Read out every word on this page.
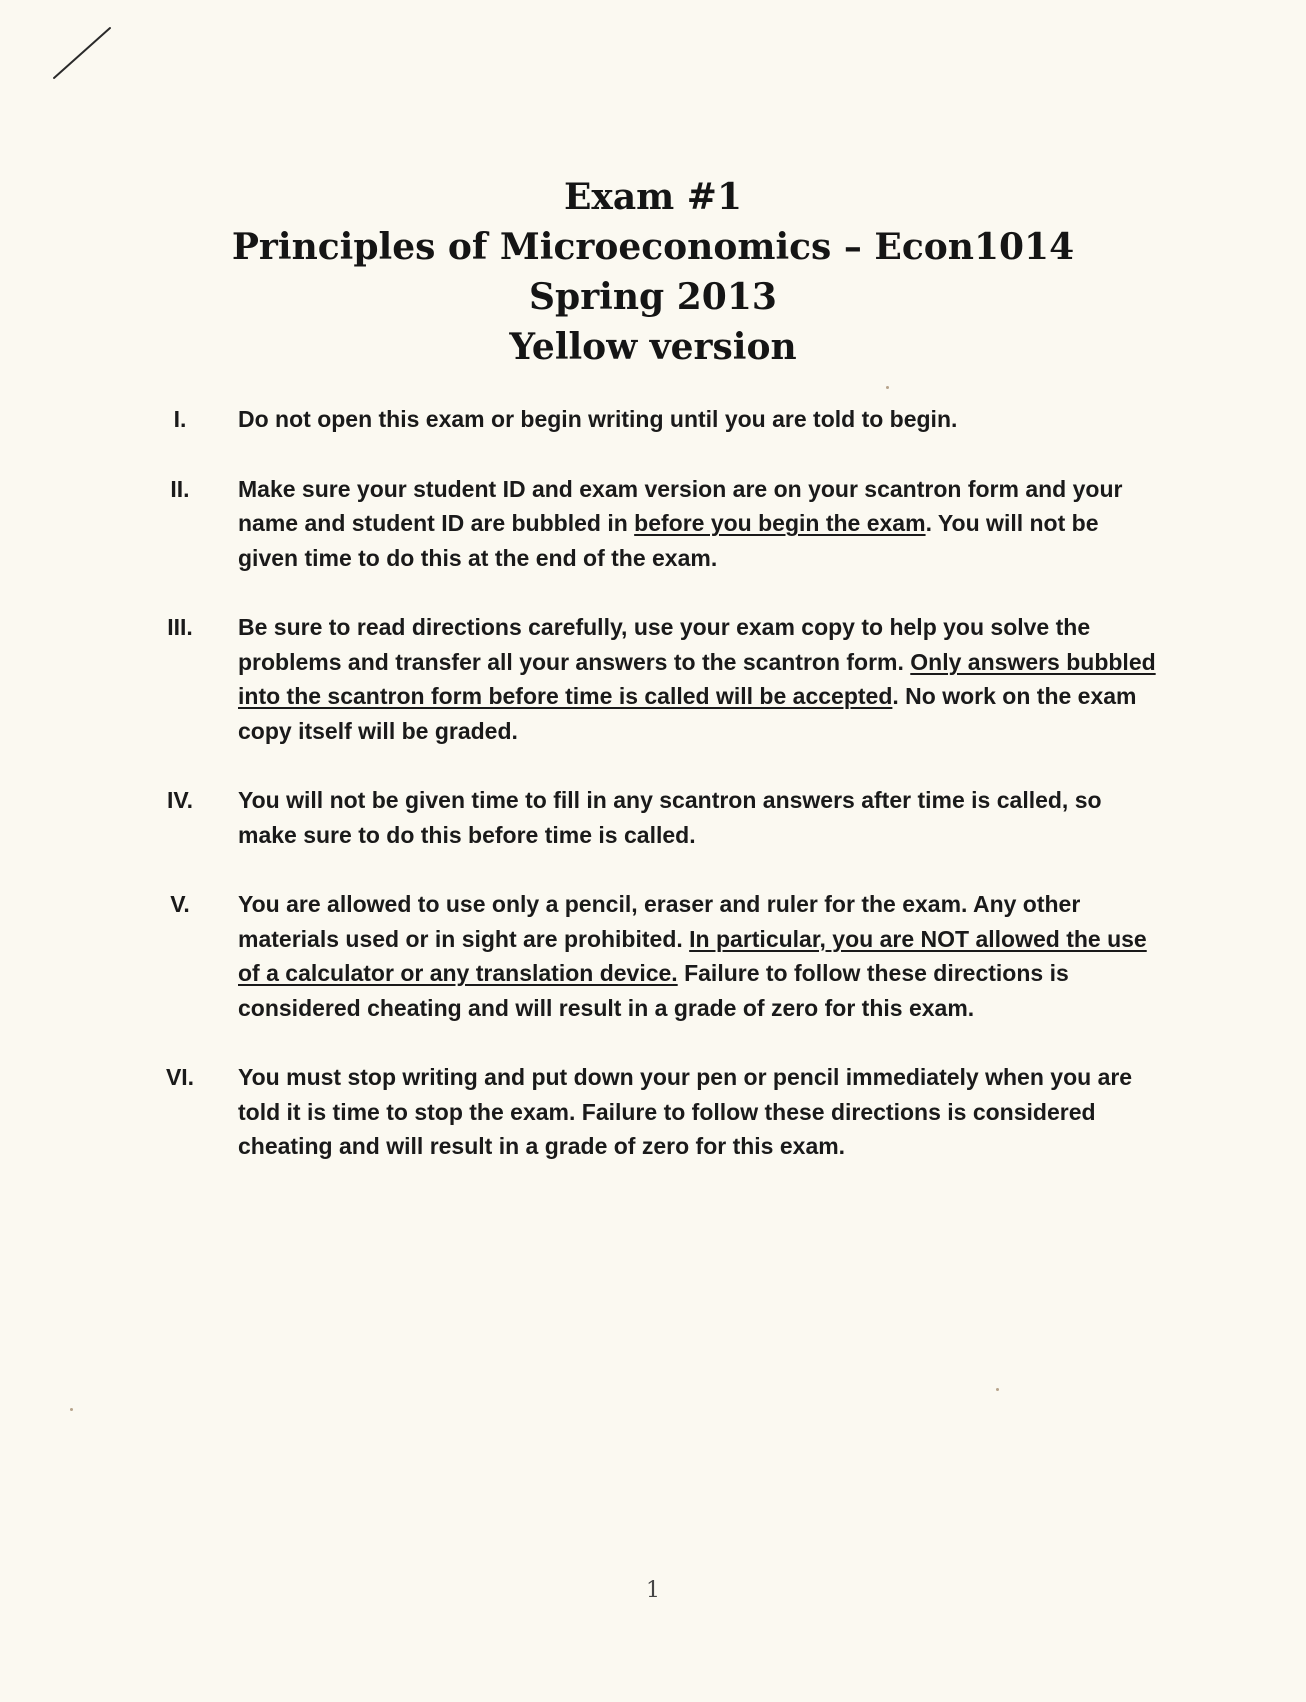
Exam #1
Principles of Microeconomics – Econ1014
Spring 2013
Yellow version
I.	Do not open this exam or begin writing until you are told to begin.
II.	Make sure your student ID and exam version are on your scantron form and your name and student ID are bubbled in before you begin the exam. You will not be given time to do this at the end of the exam.
III.	Be sure to read directions carefully, use your exam copy to help you solve the problems and transfer all your answers to the scantron form. Only answers bubbled into the scantron form before time is called will be accepted. No work on the exam copy itself will be graded.
IV.	You will not be given time to fill in any scantron answers after time is called, so make sure to do this before time is called.
V.	You are allowed to use only a pencil, eraser and ruler for the exam. Any other materials used or in sight are prohibited. In particular, you are NOT allowed the use of a calculator or any translation device. Failure to follow these directions is considered cheating and will result in a grade of zero for this exam.
VI.	You must stop writing and put down your pen or pencil immediately when you are told it is time to stop the exam. Failure to follow these directions is considered cheating and will result in a grade of zero for this exam.
1
